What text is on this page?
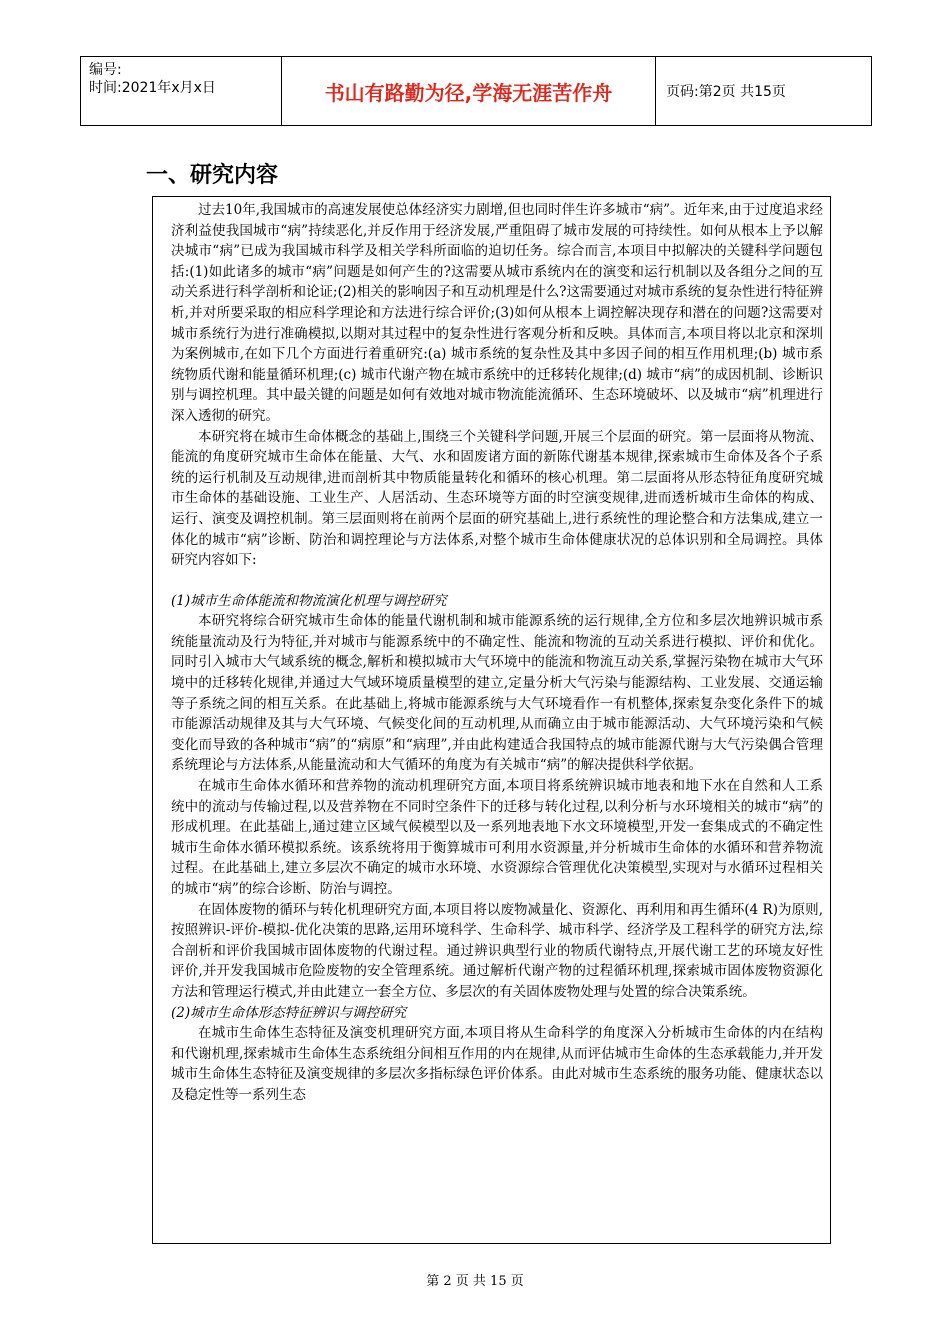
编号:
时间:2021年x月x日	书山有路勤为径,学海无涯苦作舟	页码:第2页 共15页
一、研究内容

过去10年,我国城市的高速发展使总体经济实力剧增,但也同时伴生许多城市“病”。近年来,由于过度追求经济利益使我国城市“病”持续恶化,并反作用于经济发展,严重阻碍了城市发展的可持续性。如何从根本上予以解决城市“病”已成为我国城市科学及相关学科所面临的迫切任务。综合而言,本项目中拟解决的关键科学问题包括:(1)如此诸多的城市“病”问题是如何产生的?这需要从城市系统内在的演变和运行机制以及各组分之间的互动关系进行科学剖析和论证;(2)相关的影响因子和互动机理是什么?这需要通过对城市系统的复杂性进行特征辨析,并对所要采取的相应科学理论和方法进行综合评价;(3)如何从根本上调控解决现存和潜在的问题?这需要对城市系统行为进行准确模拟,以期对其过程中的复杂性进行客观分析和反映。具体而言,本项目将以北京和深圳为案例城市,在如下几个方面进行着重研究:(a) 城市系统的复杂性及其中多因子间的相互作用机理;(b) 城市系统物质代谢和能量循环机理;(c) 城市代谢产物在城市系统中的迁移转化规律;(d) 城市“病”的成因机制、诊断识别与调控机理。其中最关键的问题是如何有效地对城市物流能流循环、生态环境破坏、以及城市“病”机理进行深入透彻的研究。

本研究将在城市生命体概念的基础上,围绕三个关键科学问题,开展三个层面的研究。第一层面将从物流、能流的角度研究城市生命体在能量、大气、水和固废诸方面的新陈代谢基本规律,探索城市生命体及各个子系统的运行机制及互动规律,进而剖析其中物质能量转化和循环的核心机理。第二层面将从形态特征角度研究城市生命体的基础设施、工业生产、人居活动、生态环境等方面的时空演变规律,进而透析城市生命体的构成、运行、演变及调控机制。第三层面则将在前两个层面的研究基础上,进行系统性的理论整合和方法集成,建立一体化的城市“病”诊断、防治和调控理论与方法体系,对整个城市生命体健康状况的总体识别和全局调控。具体研究内容如下:

(1)城市生命体能流和物流演化机理与调控研究

本研究将综合研究城市生命体的能量代谢机制和城市能源系统的运行规律,全方位和多层次地辨识城市系统能量流动及行为特征,并对城市与能源系统中的不确定性、能流和物流的互动关系进行模拟、评价和优化。同时引入城市大气域系统的概念,解析和模拟城市大气环境中的能流和物流互动关系,掌握污染物在城市大气环境中的迁移转化规律,并通过大气域环境质量模型的建立,定量分析大气污染与能源结构、工业发展、交通运输等子系统之间的相互关系。在此基础上,将城市能源系统与大气环境看作一有机整体,探索复杂变化条件下的城市能源活动规律及其与大气环境、气候变化间的互动机理,从而确立由于城市能源活动、大气环境污染和气候变化而导致的各种城市“病”的“病原”和“病理”,并由此构建适合我国特点的城市能源代谢与大气污染偶合管理系统理论与方法体系,从能量流动和大气循环的角度为有关城市“病”的解决提供科学依据。

在城市生命体水循环和营养物的流动机理研究方面,本项目将系统辨识城市地表和地下水在自然和人工系统中的流动与传输过程,以及营养物在不同时空条件下的迁移与转化过程,以利分析与水环境相关的城市“病”的形成机理。在此基础上,通过建立区域气候模型以及一系列地表地下水文环境模型,开发一套集成式的不确定性城市生命体水循环模拟系统。该系统将用于衡算城市可利用水资源量,并分析城市生命体的水循环和营养物流过程。在此基础上,建立多层次不确定的城市水环境、水资源综合管理优化决策模型,实现对与水循环过程相关的城市“病”的综合诊断、防治与调控。

在固体废物的循环与转化机理研究方面,本项目将以废物减量化、资源化、再利用和再生循环(4 R)为原则,按照辨识-评价-模拟-优化决策的思路,运用环境科学、生命科学、城市科学、经济学及工程科学的研究方法,综合剖析和评价我国城市固体废物的代谢过程。通过辨识典型行业的物质代谢特点,开展代谢工艺的环境友好性评价,并开发我国城市危险废物的安全管理系统。通过解析代谢产物的过程循环机理,探索城市固体废物资源化方法和管理运行模式,并由此建立一套全方位、多层次的有关固体废物处理与处置的综合决策系统。

(2)城市生命体形态特征辨识与调控研究

在城市生命体生态特征及演变机理研究方面,本项目将从生命科学的角度深入分析城市生命体的内在结构和代谢机理,探索城市生命体生态系统组分间相互作用的内在规律,从而评估城市生命体的生态承载能力,并开发城市生命体生态特征及演变规律的多层次多指标绿色评价体系。由此对城市生态系统的服务功能、健康状态以及稳定性等一系列生态

第 2 页 共 15 页
